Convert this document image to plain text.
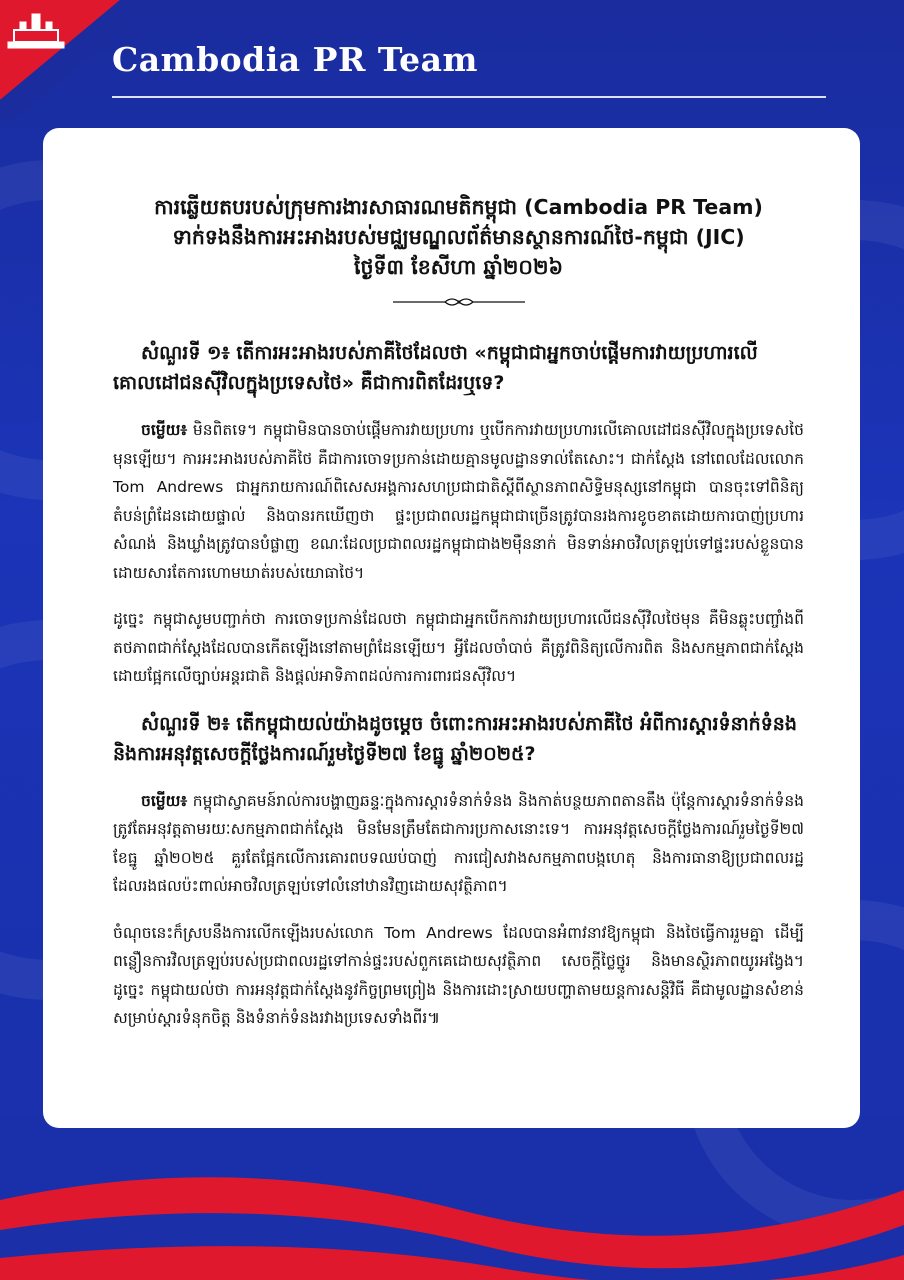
Cambodia PR Team
ការឆ្លើយតបរបស់ក្រុមការងារសាធារណមតិកម្ពុជា (Cambodia PR Team)
ទាក់ទងនឹងការអះអាងរបស់មជ្ឈមណ្ឌលព័ត៌មានស្ថានការណ៍ថៃ-កម្ពុជា (JIC)
ថ្ងៃទី៣ ខែសីហា ឆ្នាំ២០២៦

សំណួរទី ១៖ តើការអះអាងរបស់ភាគីថៃដែលថា «កម្ពុជាជាអ្នកចាប់ផ្តើមការវាយប្រហារលើគោលដៅជនស៊ីវិលក្នុងប្រទេសថៃ» គឺជាការពិតដែរឬទេ?

ចម្លើយ៖ មិនពិតទេ។ កម្ពុជាមិនបានចាប់ផ្តើមការវាយប្រហារ ឬបើកការវាយប្រហារលើគោលដៅជនស៊ីវិលក្នុងប្រទេសថៃមុនឡើយ។ ការអះអាងរបស់ភាគីថៃ គឺជាការចោទប្រកាន់ដោយគ្មានមូលដ្ឋានទាល់តែសោះ។ ជាក់ស្តែង នៅពេលដែលលោក Tom Andrews ជាអ្នករាយការណ៍ពិសេសអង្គការសហប្រជាជាតិស្តីពីស្ថានភាពសិទ្ធិមនុស្សនៅកម្ពុជា បានចុះទៅពិនិត្យតំបន់ព្រំដែនដោយផ្ទាល់ និងបានរកឃើញថា ផ្ទះប្រជាពលរដ្ឋកម្ពុជាជាច្រើនត្រូវបានរងការខូចខាតដោយការបាញ់ប្រហារ សំណង់ និងឃ្លាំងត្រូវបានបំផ្លាញ ខណៈដែលប្រជាពលរដ្ឋកម្ពុជាជាង២ម៉ឺននាក់ មិនទាន់អាចវិលត្រឡប់ទៅផ្ទះរបស់ខ្លួនបានដោយសារតែការហោមឃាត់របស់យោធាថៃ។

ដូច្នេះ កម្ពុជាសូមបញ្ជាក់ថា ការចោទប្រកាន់ដែលថា កម្ពុជាជាអ្នកបើកការវាយប្រហារលើជនស៊ីវិលថៃមុន គឺមិនឆ្លុះបញ្ចាំងពីតថភាពជាក់ស្តែងដែលបានកើតឡើងនៅតាមព្រំដែនឡើយ។ អ្វីដែលចាំបាច់ គឺត្រូវពិនិត្យលើការពិត និងសកម្មភាពជាក់ស្តែង ដោយផ្អែកលើច្បាប់អន្តរជាតិ និងផ្តល់អាទិភាពដល់ការការពារជនស៊ីវិល។

សំណួរទី ២៖ តើកម្ពុជាយល់យ៉ាងដូចម្តេច ចំពោះការអះអាងរបស់ភាគីថៃ អំពីការស្តារទំនាក់ទំនង និងការអនុវត្តសេចក្តីថ្លែងការណ៍រួមថ្ងៃទី២៧ ខែធ្នូ ឆ្នាំ២០២៥?

ចម្លើយ៖ កម្ពុជាស្វាគមន៍រាល់ការបង្ហាញឆន្ទៈក្នុងការស្តារទំនាក់ទំនង និងកាត់បន្ថយភាពតានតឹង ប៉ុន្តែការស្តារទំនាក់ទំនងត្រូវតែអនុវត្តតាមរយៈសកម្មភាពជាក់ស្តែង មិនមែនត្រឹមតែជាការប្រកាសនោះទេ។ ការអនុវត្តសេចក្តីថ្លែងការណ៍រួមថ្ងៃទី២៧ ខែធ្នូ ឆ្នាំ២០២៥ គួរតែផ្អែកលើការគោរពបទឈប់បាញ់ ការជៀសវាងសកម្មភាពបង្កហេតុ និងការធានាឱ្យប្រជាពលរដ្ឋដែលរងផលប៉ះពាល់អាចវិលត្រឡប់ទៅលំនៅឋានវិញដោយសុវត្ថិភាព។

ចំណុចនេះក៏ស្របនឹងការលើកឡើងរបស់លោក Tom Andrews ដែលបានអំពាវនាវឱ្យកម្ពុជា និងថៃធ្វើការរួមគ្នា ដើម្បីពន្លឿនការវិលត្រឡប់របស់ប្រជាពលរដ្ឋទៅកាន់ផ្ទះរបស់ពួកគេដោយសុវត្ថិភាព សេចក្តីថ្លៃថ្នូរ និងមានស្ថិរភាពយូរអង្វែង។ ដូច្នេះ កម្ពុជាយល់ថា ការអនុវត្តជាក់ស្តែងនូវកិច្ចព្រមព្រៀង និងការដោះស្រាយបញ្ហាតាមយន្តការសន្តិវិធី គឺជាមូលដ្ឋានសំខាន់សម្រាប់ស្តារទំនុកចិត្ត និងទំនាក់ទំនងរវាងប្រទេសទាំងពីរ៕
